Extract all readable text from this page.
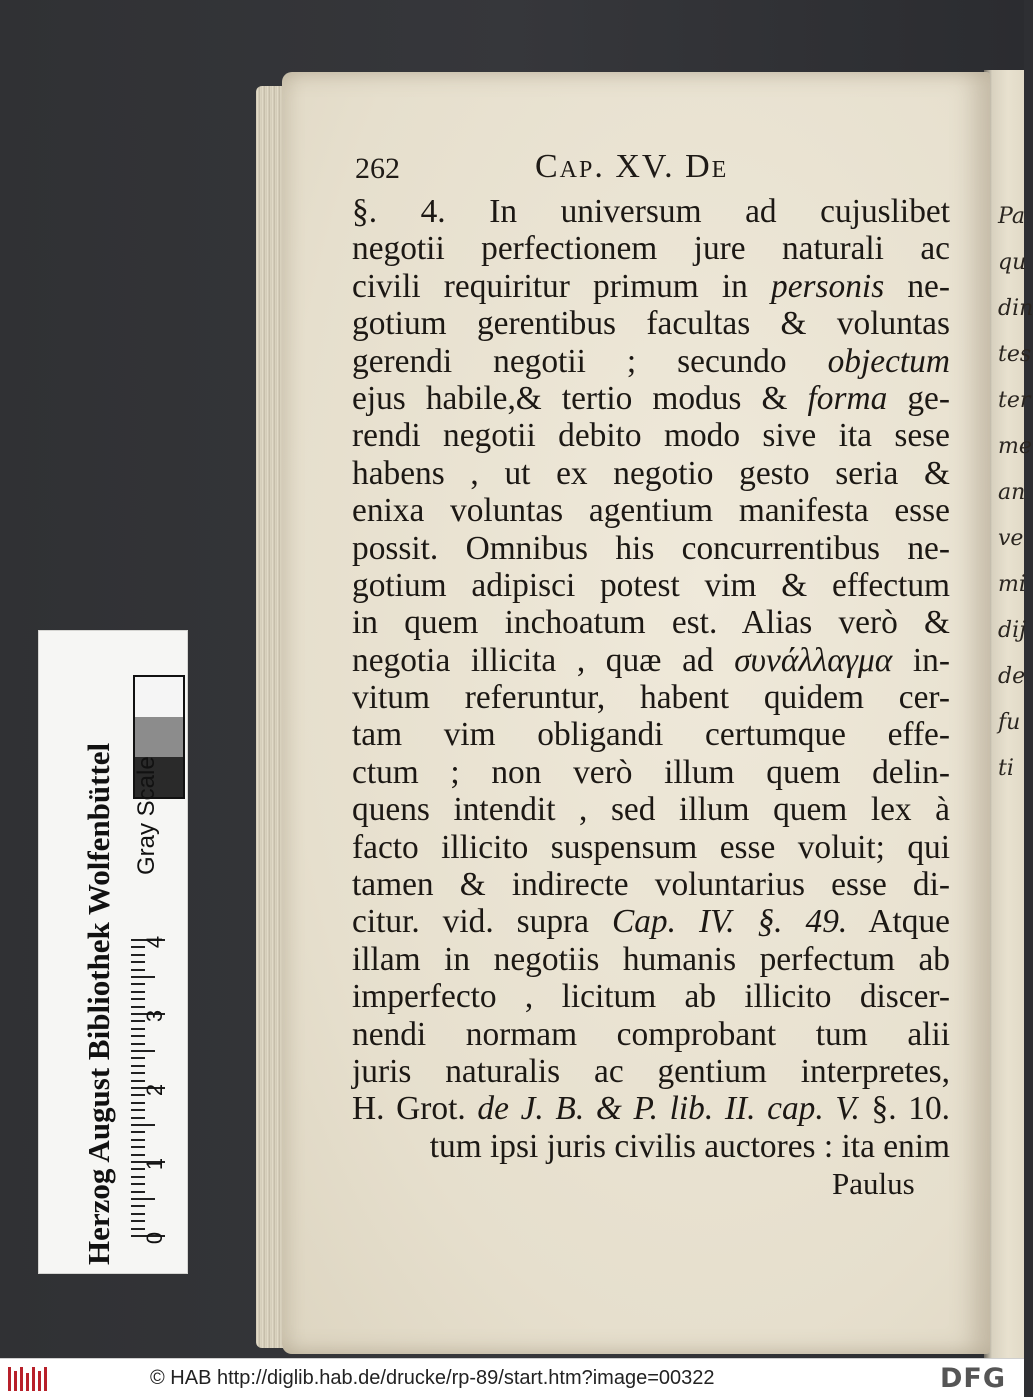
Pa
qu
din
tes
ter
me
an
ve
mi
dij
de
fu
ti
262	Cap. XV. De
§. 4. In universum ad cujuslibet
negotii perfectionem jure naturali ac
civili requiritur primum in personis ne-
gotium gerentibus facultas & voluntas
gerendi negotii ; secundo objectum
ejus habile,& tertio modus & forma ge-
rendi negotii debito modo sive ita sese
habens , ut ex negotio gesto seria &
enixa voluntas agentium manifesta esse
possit. Omnibus his concurrentibus ne-
gotium adipisci potest vim & effectum
in quem inchoatum est. Alias verò &
negotia illicita , quæ ad συνάλλαγμα in-
vitum referuntur, habent quidem cer-
tam vim obligandi certumque effe-
ctum ; non verò illum quem delin-
quens intendit , sed illum quem lex à
facto illicito suspensum esse voluit; qui
tamen & indirecte voluntarius esse di-
citur. vid. supra Cap. IV. §. 49. Atque
illam in negotiis humanis perfectum ab
imperfecto , licitum ab illicito discer-
nendi normam comprobant tum alii
juris naturalis ac gentium interpretes,
H. Grot. de J. B. & P. lib. II. cap. V. §. 10.
tum ipsi juris civilis auctores : ita enim
Paulus
Herzog August Bibliothek Wolfenbüttel Gray Scale
0
1
2
3
4
© HAB http://diglib.hab.de/drucke/rp-89/start.htm?image=00322	DFG
